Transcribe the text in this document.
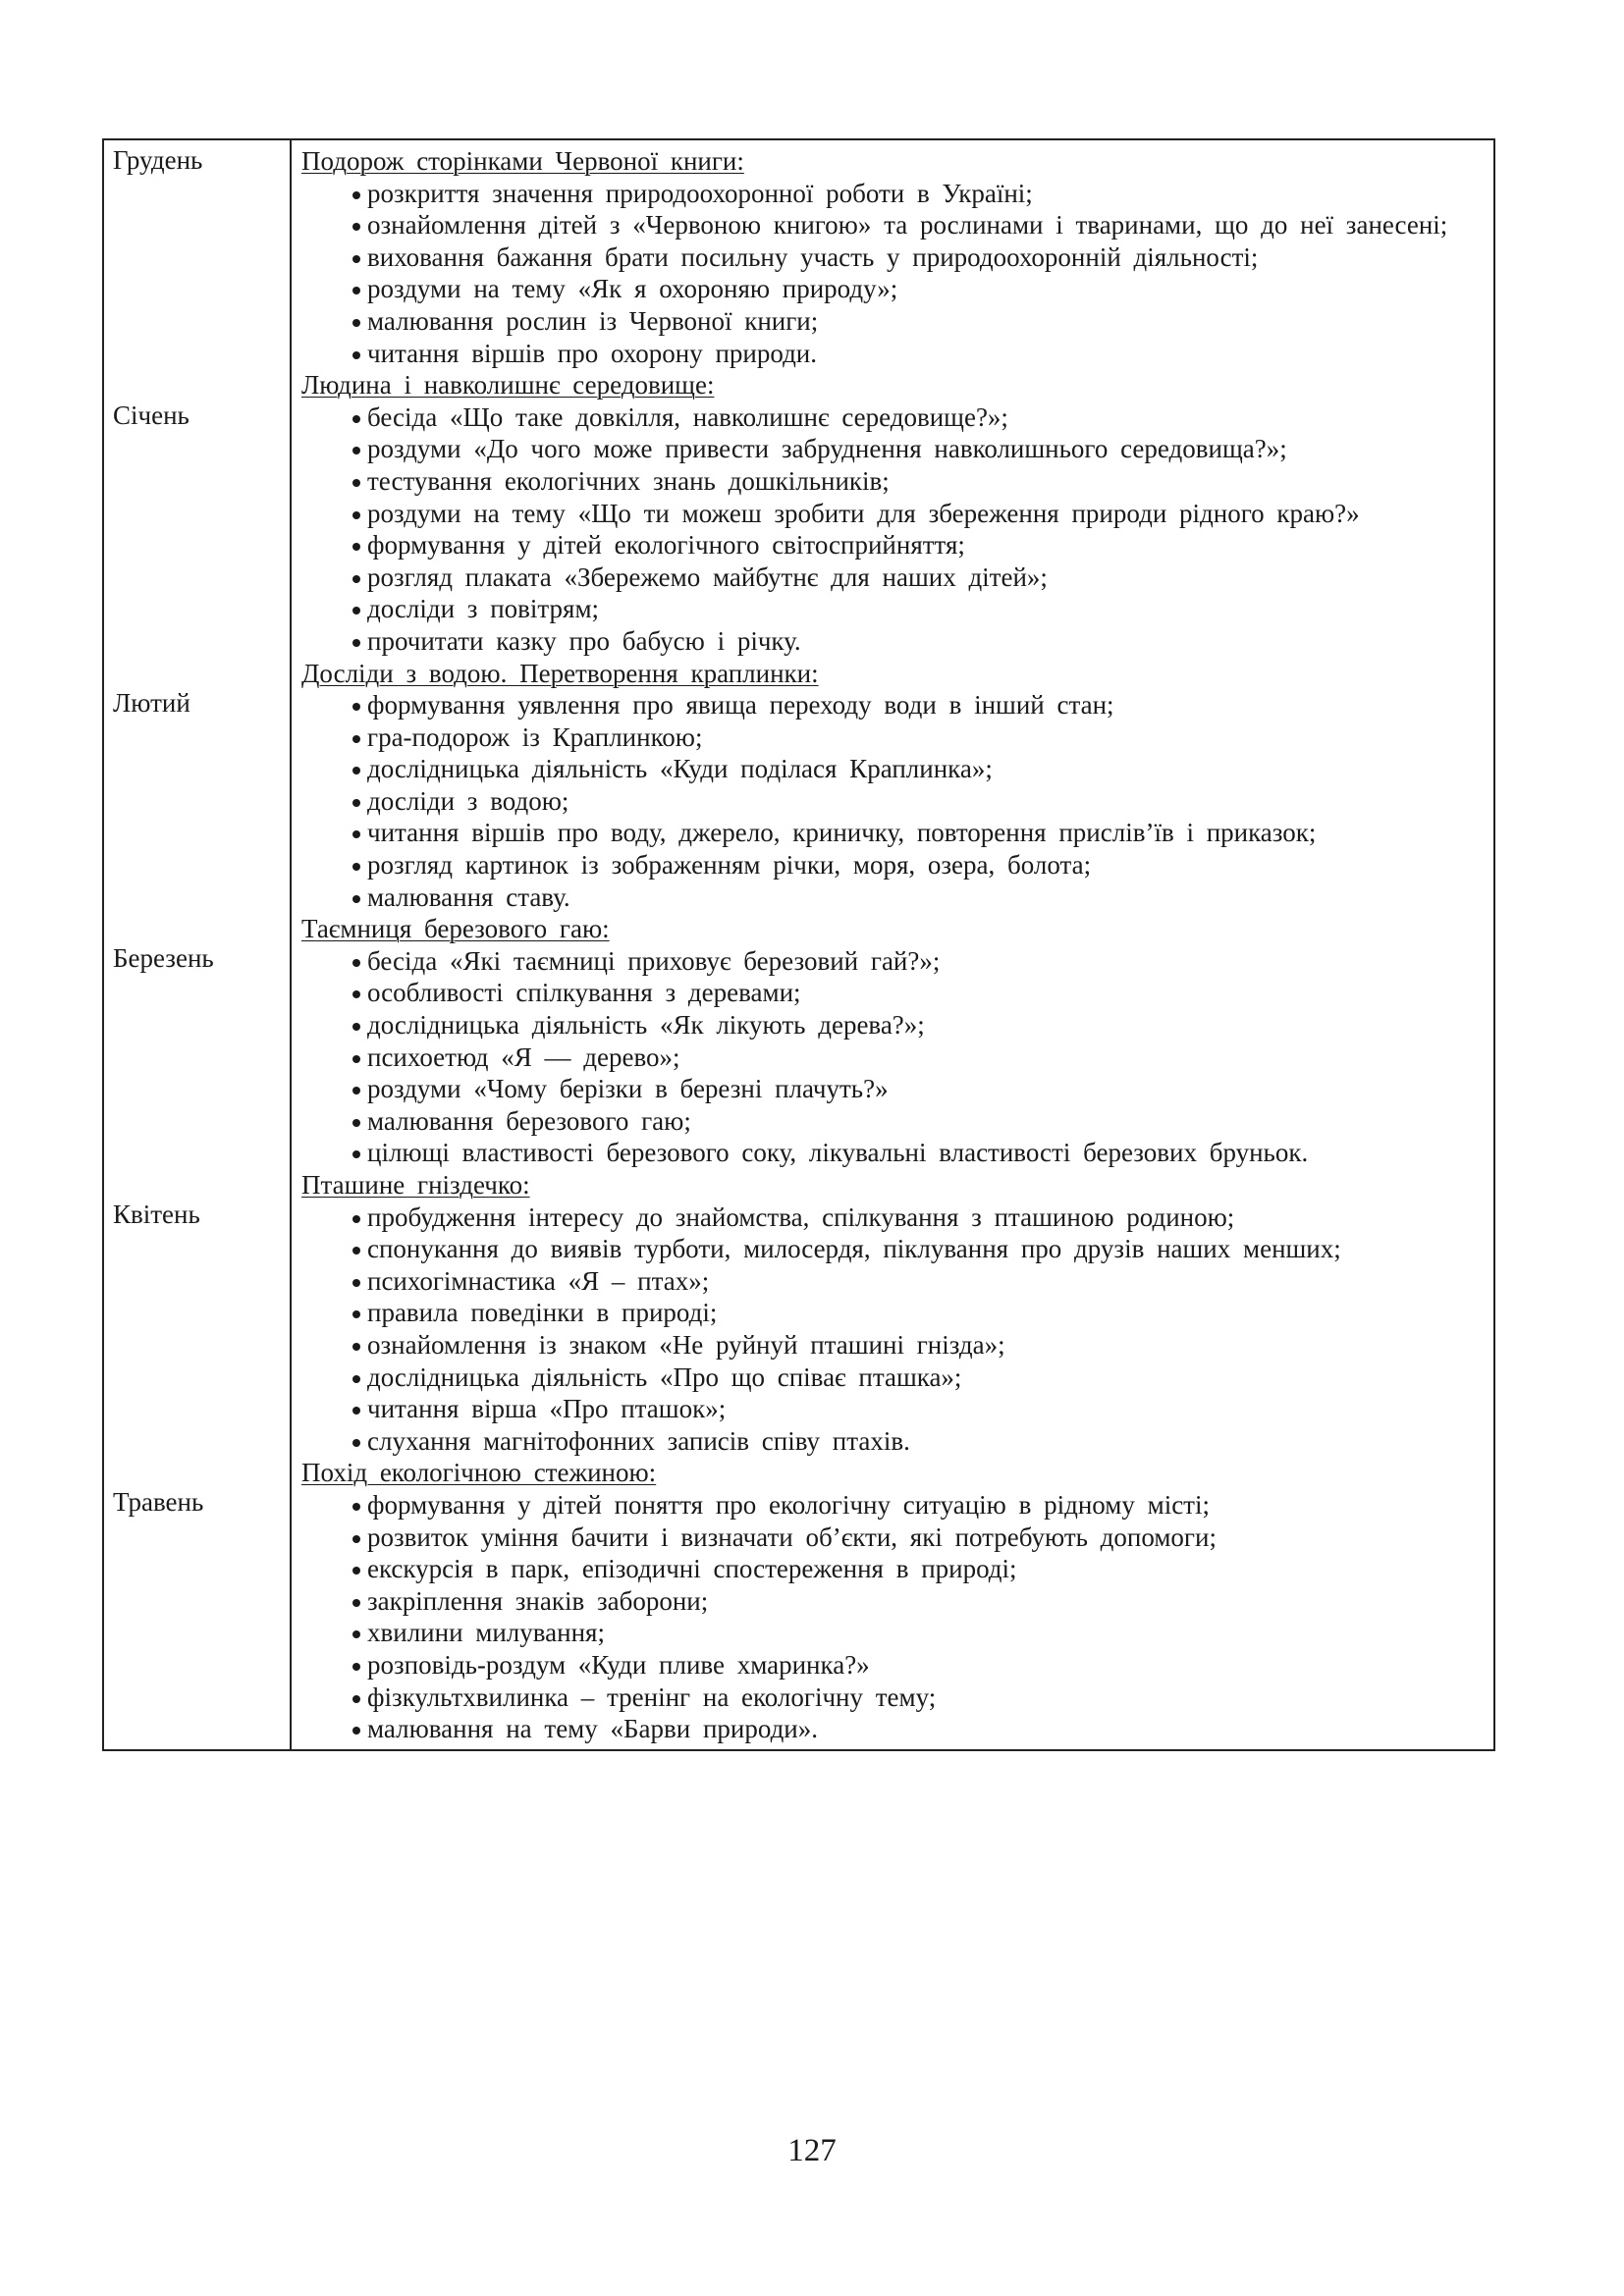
Грудень
Січень
Лютий
Березень
Квітень
Травень
Подорож сторінками Червоної книги:
розкриття значення природоохоронної роботи в Україні;
ознайомлення дітей з «Червоною книгою» та рослинами і тваринами, що до неї занесені;
виховання бажання брати посильну участь у природоохоронній діяльності;
роздуми на тему «Як я охороняю природу»;
малювання рослин із Червоної книги;
читання віршів про охорону природи.
Людина і навколишнє середовище:
бесіда «Що таке довкілля, навколишнє середовище?»;
роздуми «До чого може привести забруднення навколишнього середовища?»;
тестування екологічних знань дошкільників;
роздуми на тему «Що ти можеш зробити для збереження природи рідного краю?»
формування у дітей екологічного світосприйняття;
розгляд плаката «Збережемо майбутнє для наших дітей»;
досліди з повітрям;
прочитати казку про бабусю і річку.
Досліди з водою. Перетворення краплинки:
формування уявлення про явища переходу води в інший стан;
гра-подорож із Краплинкою;
дослідницька діяльність «Куди поділася Краплинка»;
досліди з водою;
читання віршів про воду, джерело, криничку, повторення прислів’їв і приказок;
розгляд картинок із зображенням річки, моря, озера, болота;
малювання ставу.
Таємниця березового гаю:
бесіда «Які таємниці приховує березовий гай?»;
особливості спілкування з деревами;
дослідницька діяльність «Як лікують дерева?»;
психоетюд «Я — дерево»;
роздуми «Чому берізки в березні плачуть?»
малювання березового гаю;
цілющі властивості березового соку, лікувальні властивості березових бруньок.
Пташине гніздечко:
пробудження інтересу до знайомства, спілкування з пташиною родиною;
спонукання до виявів турботи, милосердя, піклування про друзів наших менших;
психогімнастика «Я – птах»;
правила поведінки в природі;
ознайомлення із знаком «Не руйнуй пташині гнізда»;
дослідницька діяльність «Про що співає пташка»;
читання вірша «Про пташок»;
слухання магнітофонних записів співу птахів.
Похід екологічною стежиною:
формування у дітей поняття про екологічну ситуацію в рідному місті;
розвиток уміння бачити і визначати об’єкти, які потребують допомоги;
екскурсія в парк, епізодичні спостереження в природі;
закріплення знаків заборони;
хвилини милування;
розповідь-роздум «Куди пливе хмаринка?»
фізкультхвилинка – тренінг на екологічну тему;
малювання на тему «Барви природи».
127
